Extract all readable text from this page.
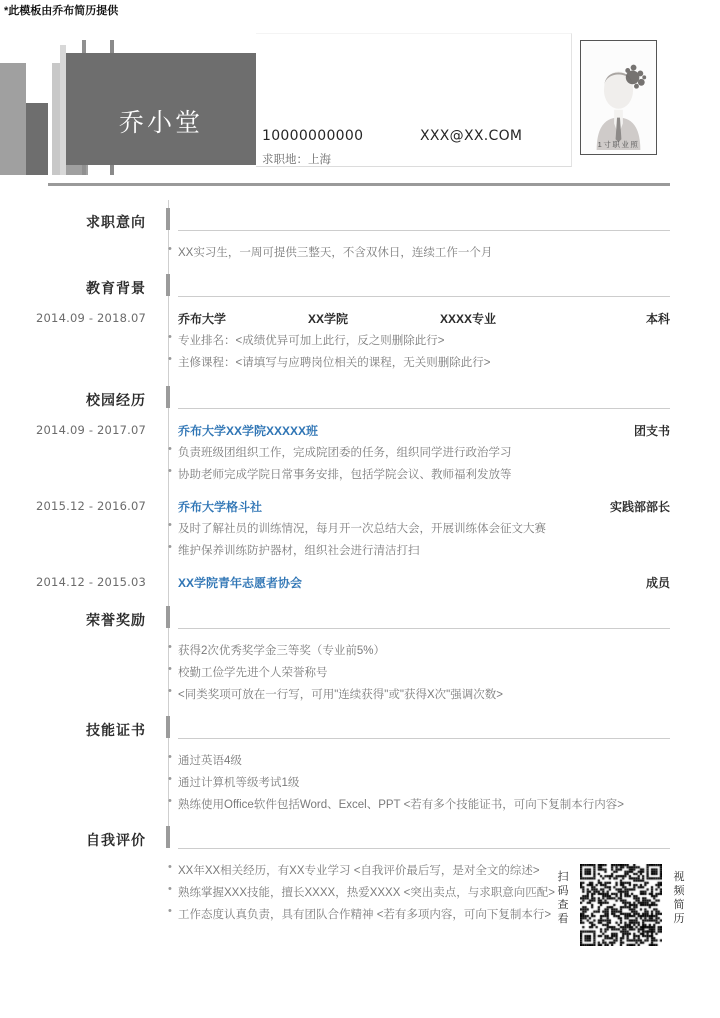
*此模板由乔布简历提供
乔小堂	10000000000	XXX@XX.COM
求职地：上海
1寸职业照
求职意向
• XX实习生，一周可提供三整天，不含双休日，连续工作一个月
教育背景
乔布大学	XX学院	XXXX专业	本科
2014.09 - 2018.07
• 专业排名：<成绩优异可加上此行，反之则删除此行>
• 主修课程：<请填写与应聘岗位相关的课程，无关则删除此行>
校园经历
乔布大学XX学院XXXXX班	团支书
2014.09 - 2017.07
• 负责班级团组织工作，完成院团委的任务，组织同学进行政治学习
• 协助老师完成学院日常事务安排，包括学院会议、教师福利发放等
乔布大学格斗社	实践部部长
2015.12 - 2016.07
• 及时了解社员的训练情况，每月开一次总结大会，开展训练体会征文大赛
• 维护保养训练防护器材，组织社会进行清洁打扫
XX学院青年志愿者协会	成员
2014.12 - 2015.03
荣誉奖励
• 获得2次优秀奖学金三等奖（专业前5%）
• 校勤工俭学先进个人荣誉称号
• <同类奖项可放在一行写，可用"连续获得"或"获得X次"强调次数>
技能证书
• 通过英语4级
• 通过计算机等级考试1级
• 熟练使用Office软件包括Word、Excel、PPT <若有多个技能证书，可向下复制本行内容>
自我评价
• XX年XX相关经历，有XX专业学习 <自我评价最后写，是对全文的综述>
• 熟练掌握XXX技能，擅长XXXX，热爱XXXX <突出卖点，与求职意向匹配>
• 工作态度认真负责，具有团队合作精神 <若有多项内容，可向下复制本行>
扫码查看
视频简历
